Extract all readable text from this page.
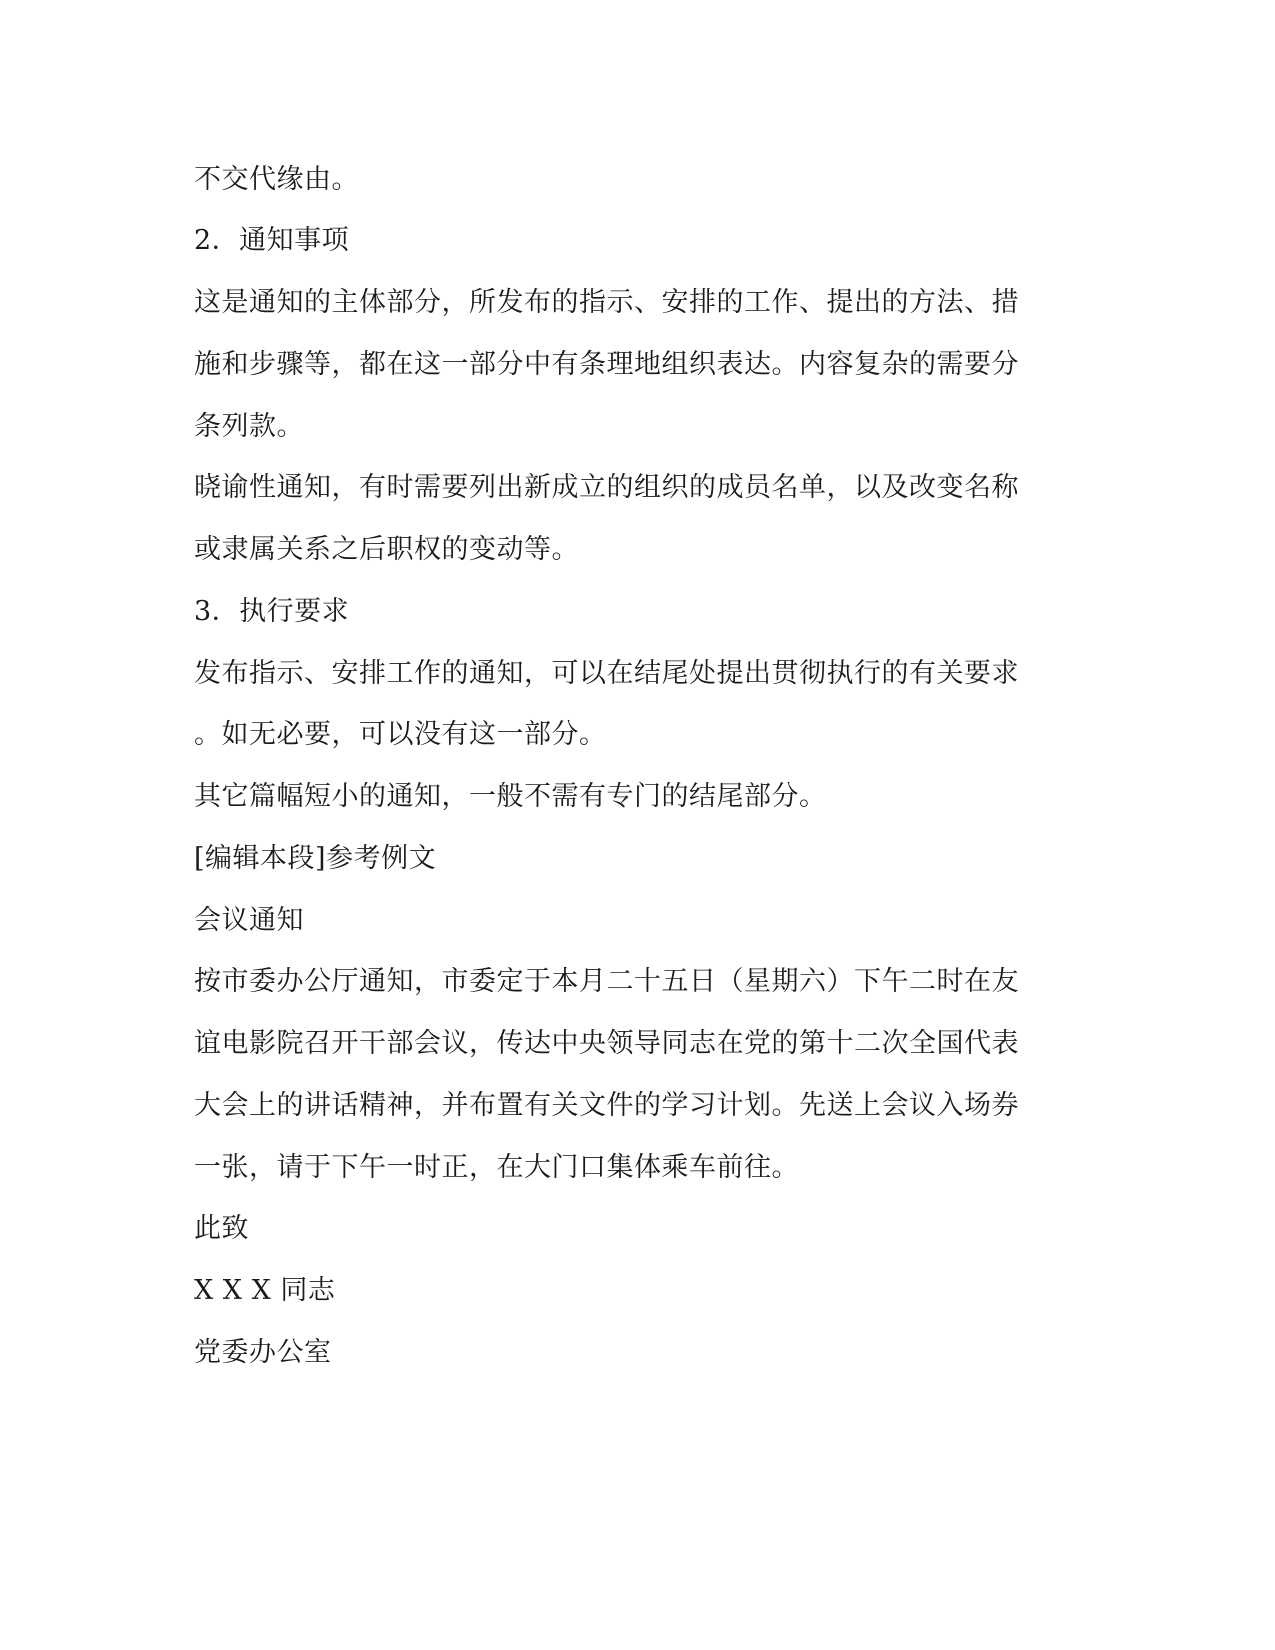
不交代缘由。
2．通知事项
这是通知的主体部分，所发布的指示、安排的工作、提出的方法、措
施和步骤等，都在这一部分中有条理地组织表达。内容复杂的需要分
条列款。
晓谕性通知，有时需要列出新成立的组织的成员名单，以及改变名称
或隶属关系之后职权的变动等。
3．执行要求
发布指示、安排工作的通知，可以在结尾处提出贯彻执行的有关要求
。如无必要，可以没有这一部分。
其它篇幅短小的通知，一般不需有专门的结尾部分。
[编辑本段]参考例文
会议通知
按市委办公厅通知，市委定于本月二十五日（星期六）下午二时在友
谊电影院召开干部会议，传达中央领导同志在党的第十二次全国代表
大会上的讲话精神，并布置有关文件的学习计划。先送上会议入场券
一张，请于下午一时正，在大门口集体乘车前往。
此致
X X X 同志
党委办公室
